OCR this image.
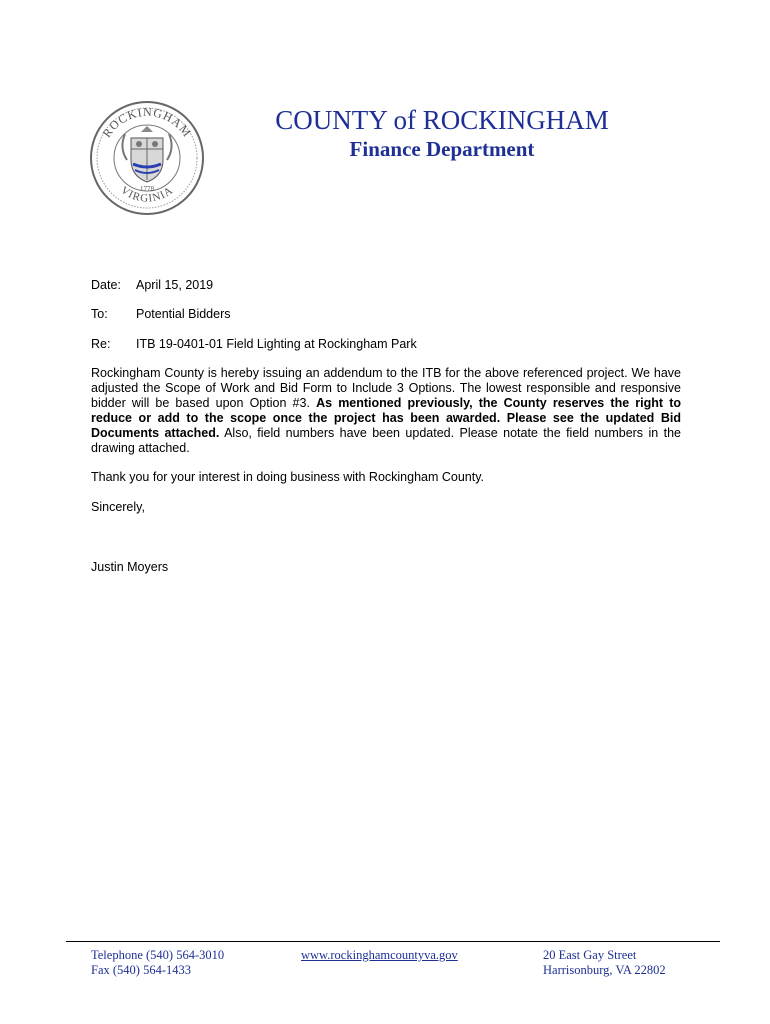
ROCKINGHAM
VIRGINIA
1778
COUNTY of ROCKINGHAM
Finance Department
Date:	April 15, 2019
To:	Potential Bidders
Re:	ITB 19-0401-01 Field Lighting at Rockingham Park
Rockingham County is hereby issuing an addendum to the ITB for the above referenced project. We have adjusted the Scope of Work and Bid Form to Include 3 Options. The lowest responsible and responsive bidder will be based upon Option #3. As mentioned previously, the County reserves the right to reduce or add to the scope once the project has been awarded. Please see the updated Bid Documents attached. Also, field numbers have been updated. Please notate the field numbers in the drawing attached.
Thank you for your interest in doing business with Rockingham County.
Sincerely,
Justin Moyers
Telephone (540) 564-3010
Fax (540) 564-1433
www.rockinghamcountyva.gov	20 East Gay Street
Harrisonburg, VA 22802
